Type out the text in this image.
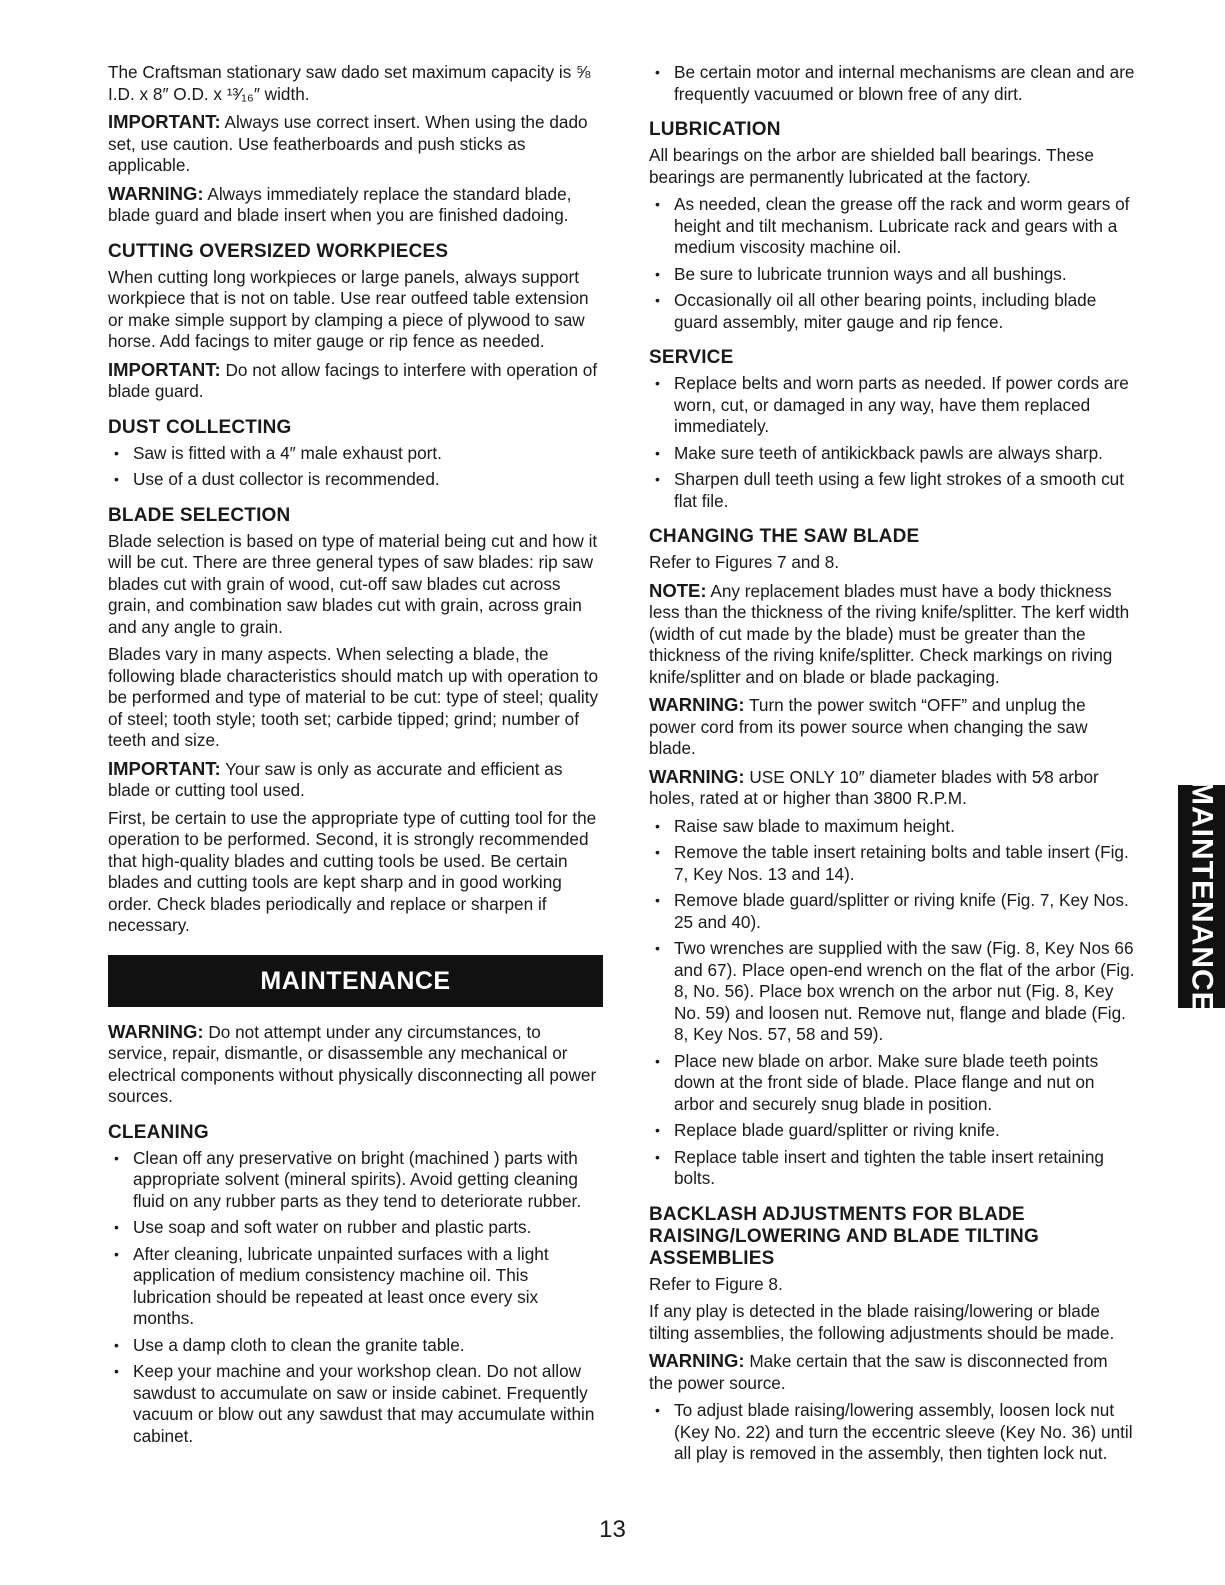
The Craftsman stationary saw dado set maximum capacity is ⅝ I.D. x 8″ O.D. x ¹³⁄₁₆″ width.

IMPORTANT: Always use correct insert. When using the dado set, use caution. Use featherboards and push sticks as applicable.

WARNING: Always immediately replace the standard blade, blade guard and blade insert when you are finished dadoing.

CUTTING OVERSIZED WORKPIECES

When cutting long workpieces or large panels, always support workpiece that is not on table. Use rear outfeed table extension or make simple support by clamping a piece of plywood to saw horse. Add facings to miter gauge or rip fence as needed.

IMPORTANT: Do not allow facings to interfere with operation of blade guard.

DUST COLLECTING
• Saw is fitted with a 4″ male exhaust port.
• Use of a dust collector is recommended.
BLADE SELECTION

Blade selection is based on type of material being cut and how it will be cut. There are three general types of saw blades: rip saw blades cut with grain of wood, cut-off saw blades cut across grain, and combination saw blades cut with grain, across grain and any angle to grain.

Blades vary in many aspects. When selecting a blade, the following blade characteristics should match up with operation to be performed and type of material to be cut: type of steel; quality of steel; tooth style; tooth set; carbide tipped; grind; number of teeth and size.

IMPORTANT: Your saw is only as accurate and efficient as blade or cutting tool used.

First, be certain to use the appropriate type of cutting tool for the operation to be performed. Second, it is strongly recommended that high-quality blades and cutting tools be used. Be certain blades and cutting tools are kept sharp and in good working order. Check blades periodically and replace or sharpen if necessary.

MAINTENANCE

WARNING: Do not attempt under any circumstances, to service, repair, dismantle, or disassemble any mechanical or electrical components without physically disconnecting all power sources.

CLEANING
• Clean off any preservative on bright (machined ) parts with appropriate solvent (mineral spirits). Avoid getting cleaning fluid on any rubber parts as they tend to deteriorate rubber.
• Use soap and soft water on rubber and plastic parts.
• After cleaning, lubricate unpainted surfaces with a light application of medium consistency machine oil. This lubrication should be repeated at least once every six months.
• Use a damp cloth to clean the granite table.
• Keep your machine and your workshop clean. Do not allow sawdust to accumulate on saw or inside cabinet. Frequently vacuum or blow out any sawdust that may accumulate within cabinet.
• Be certain motor and internal mechanisms are clean and are frequently vacuumed or blown free of any dirt.
LUBRICATION

All bearings on the arbor are shielded ball bearings. These bearings are permanently lubricated at the factory.

• As needed, clean the grease off the rack and worm gears of height and tilt mechanism. Lubricate rack and gears with a medium viscosity machine oil.
• Be sure to lubricate trunnion ways and all bushings.
• Occasionally oil all other bearing points, including blade guard assembly, miter gauge and rip fence.
SERVICE
• Replace belts and worn parts as needed. If power cords are worn, cut, or damaged in any way, have them replaced immediately.
• Make sure teeth of antikickback pawls are always sharp.
• Sharpen dull teeth using a few light strokes of a smooth cut flat file.
CHANGING THE SAW BLADE

Refer to Figures 7 and 8.

NOTE: Any replacement blades must have a body thickness less than the thickness of the riving knife/splitter. The kerf width (width of cut made by the blade) must be greater than the thickness of the riving knife/splitter. Check markings on riving knife/splitter and on blade or blade packaging.

WARNING: Turn the power switch “OFF” and unplug the power cord from its power source when changing the saw blade.

WARNING: USE ONLY 10″ diameter blades with 5⁄8 arbor holes, rated at or higher than 3800 R.P.M.

• Raise saw blade to maximum height.
• Remove the table insert retaining bolts and table insert (Fig. 7, Key Nos. 13 and 14).
• Remove blade guard/splitter or riving knife (Fig. 7, Key Nos. 25 and 40).
• Two wrenches are supplied with the saw (Fig. 8, Key Nos 66 and 67). Place open-end wrench on the flat of the arbor (Fig. 8, No. 56). Place box wrench on the arbor nut (Fig. 8, Key No. 59) and loosen nut. Remove nut, flange and blade (Fig. 8, Key Nos. 57, 58 and 59).
• Place new blade on arbor. Make sure blade teeth points down at the front side of blade. Place flange and nut on arbor and securely snug blade in position.
• Replace blade guard/splitter or riving knife.
• Replace table insert and tighten the table insert retaining bolts.
BACKLASH ADJUSTMENTS FOR BLADE RAISING/LOWERING AND BLADE TILTING ASSEMBLIES

Refer to Figure 8.

If any play is detected in the blade raising/lowering or blade tilting assemblies, the following adjustments should be made.

WARNING: Make certain that the saw is disconnected from the power source.

• To adjust blade raising/lowering assembly, loosen lock nut (Key No. 22) and turn the eccentric sleeve (Key No. 36) until all play is removed in the assembly, then tighten lock nut.
MAINTENANCE
13
